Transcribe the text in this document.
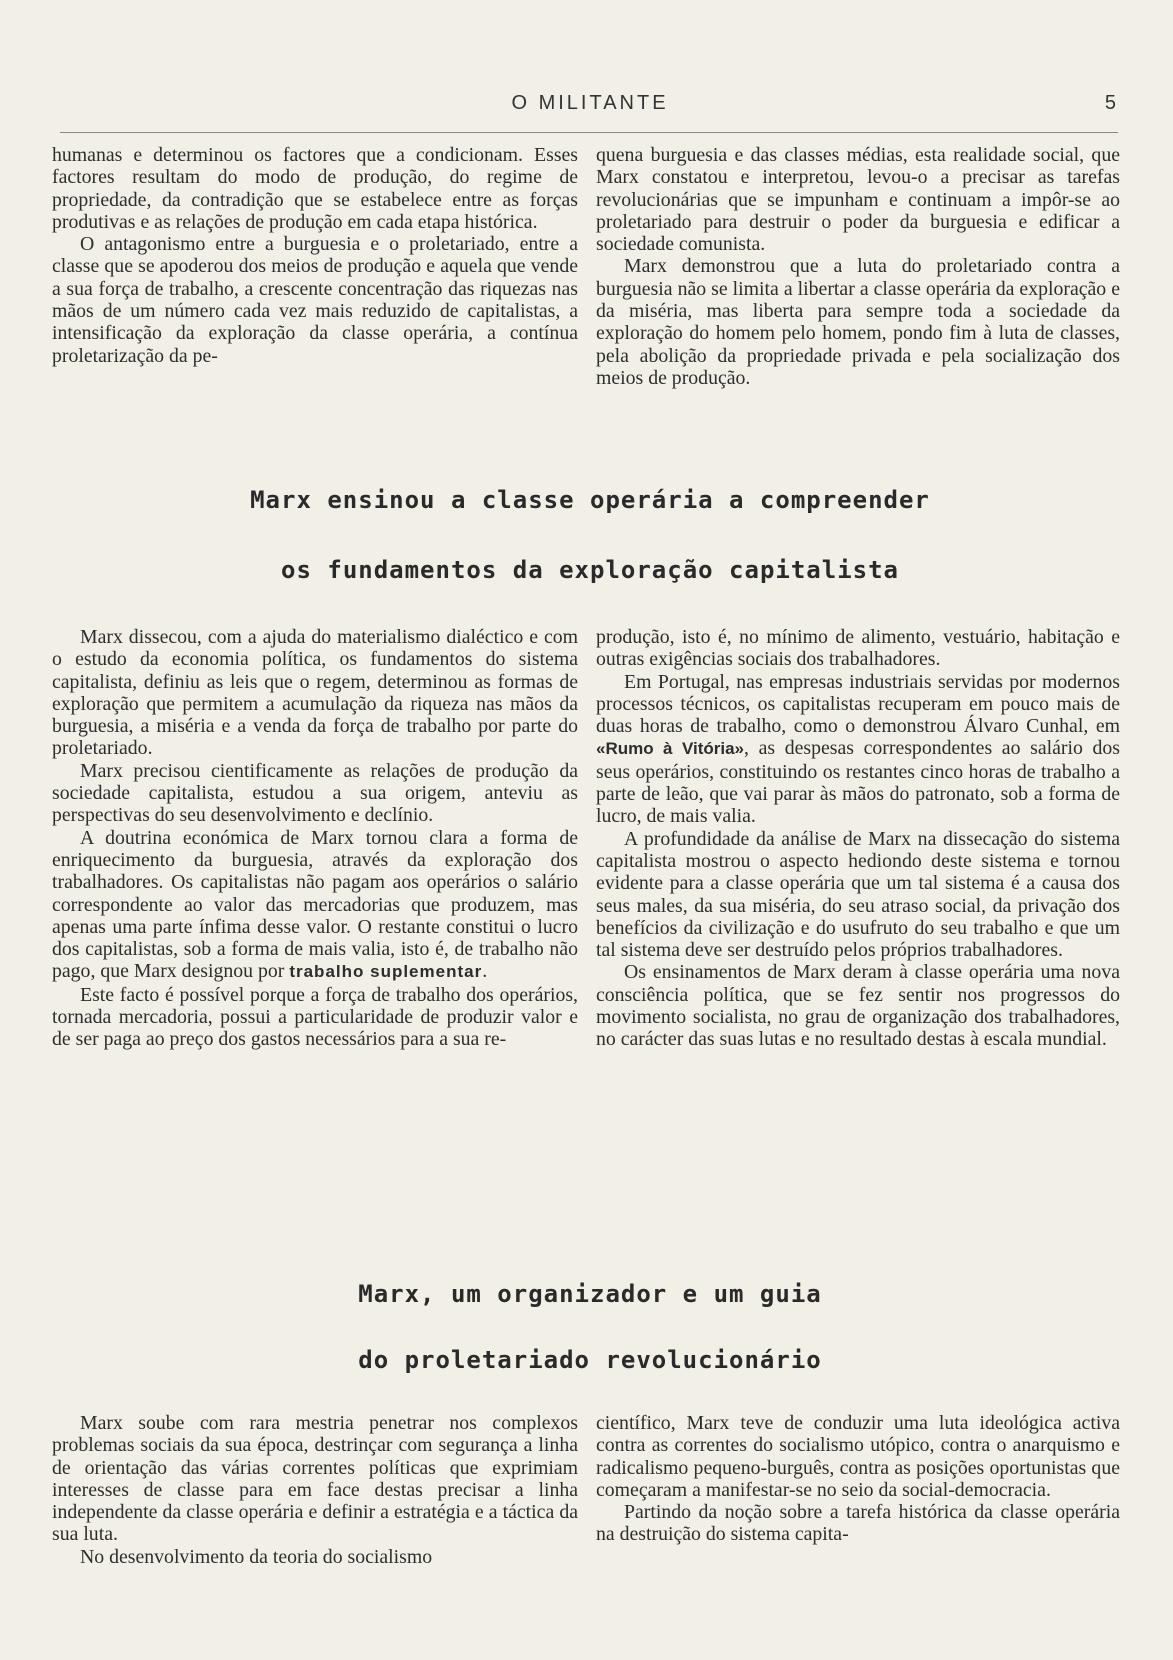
O MILITANTE	5

humanas e determinou os factores que a condicionam. Esses factores resultam do modo de produção, do regime de propriedade, da contradição que se estabelece entre as forças produtivas e as relações de produção em cada etapa histórica.

O antagonismo entre a burguesia e o proletariado, entre a classe que se apoderou dos meios de produção e aquela que vende a sua força de trabalho, a crescente concentração das riquezas nas mãos de um número cada vez mais reduzido de capitalistas, a intensificação da exploração da classe operária, a contínua proletarização da pe-

quena burguesia e das classes médias, esta realidade social, que Marx constatou e interpretou, levou-o a precisar as tarefas revolucionárias que se impunham e continuam a impôr-se ao proletariado para destruir o poder da burguesia e edificar a sociedade comunista.

Marx demonstrou que a luta do proletariado contra a burguesia não se limita a libertar a classe operária da exploração e da miséria, mas liberta para sempre toda a sociedade da exploração do homem pelo homem, pondo fim à luta de classes, pela abolição da propriedade privada e pela socialização dos meios de produção.

Marx ensinou a classe operária a compreender
os fundamentos da exploração capitalista

Marx dissecou, com a ajuda do materialismo dialéctico e com o estudo da economia política, os fundamentos do sistema capitalista, definiu as leis que o regem, determinou as formas de exploração que permitem a acumulação da riqueza nas mãos da burguesia, a miséria e a venda da força de trabalho por parte do proletariado.

Marx precisou cientificamente as relações de produção da sociedade capitalista, estudou a sua origem, anteviu as perspectivas do seu desenvolvimento e declínio.

A doutrina económica de Marx tornou clara a forma de enriquecimento da burguesia, através da exploração dos trabalhadores. Os capitalistas não pagam aos operários o salário correspondente ao valor das mercadorias que produzem, mas apenas uma parte ínfima desse valor. O restante constitui o lucro dos capitalistas, sob a forma de mais valia, isto é, de trabalho não pago, que Marx designou por trabalho suplementar.

Este facto é possível porque a força de trabalho dos operários, tornada mercadoria, possui a particularidade de produzir valor e de ser paga ao preço dos gastos necessários para a sua re-

produção, isto é, no mínimo de alimento, vestuário, habitação e outras exigências sociais dos trabalhadores.

Em Portugal, nas empresas industriais servidas por modernos processos técnicos, os capitalistas recuperam em pouco mais de duas horas de trabalho, como o demonstrou Álvaro Cunhal, em «Rumo à Vitória», as despesas correspondentes ao salário dos seus operários, constituindo os restantes cinco horas de trabalho a parte de leão, que vai parar às mãos do patronato, sob a forma de lucro, de mais valia.

A profundidade da análise de Marx na dissecação do sistema capitalista mostrou o aspecto hediondo deste sistema e tornou evidente para a classe operária que um tal sistema é a causa dos seus males, da sua miséria, do seu atraso social, da privação dos benefícios da civilização e do usufruto do seu trabalho e que um tal sistema deve ser destruído pelos próprios trabalhadores.

Os ensinamentos de Marx deram à classe operária uma nova consciência política, que se fez sentir nos progressos do movimento socialista, no grau de organização dos trabalhadores, no carácter das suas lutas e no resultado destas à escala mundial.

Marx, um organizador e um guia
do proletariado revolucionário

Marx soube com rara mestria penetrar nos complexos problemas sociais da sua época, destrinçar com segurança a linha de orientação das várias correntes políticas que exprimiam interesses de classe para em face destas precisar a linha independente da classe operária e definir a estratégia e a táctica da sua luta.

No desenvolvimento da teoria do socialismo

científico, Marx teve de conduzir uma luta ideológica activa contra as correntes do socialismo utópico, contra o anarquismo e radicalismo pequeno-burguês, contra as posições oportunistas que começaram a manifestar-se no seio da social-democracia.

Partindo da noção sobre a tarefa histórica da classe operária na destruição do sistema capita-
